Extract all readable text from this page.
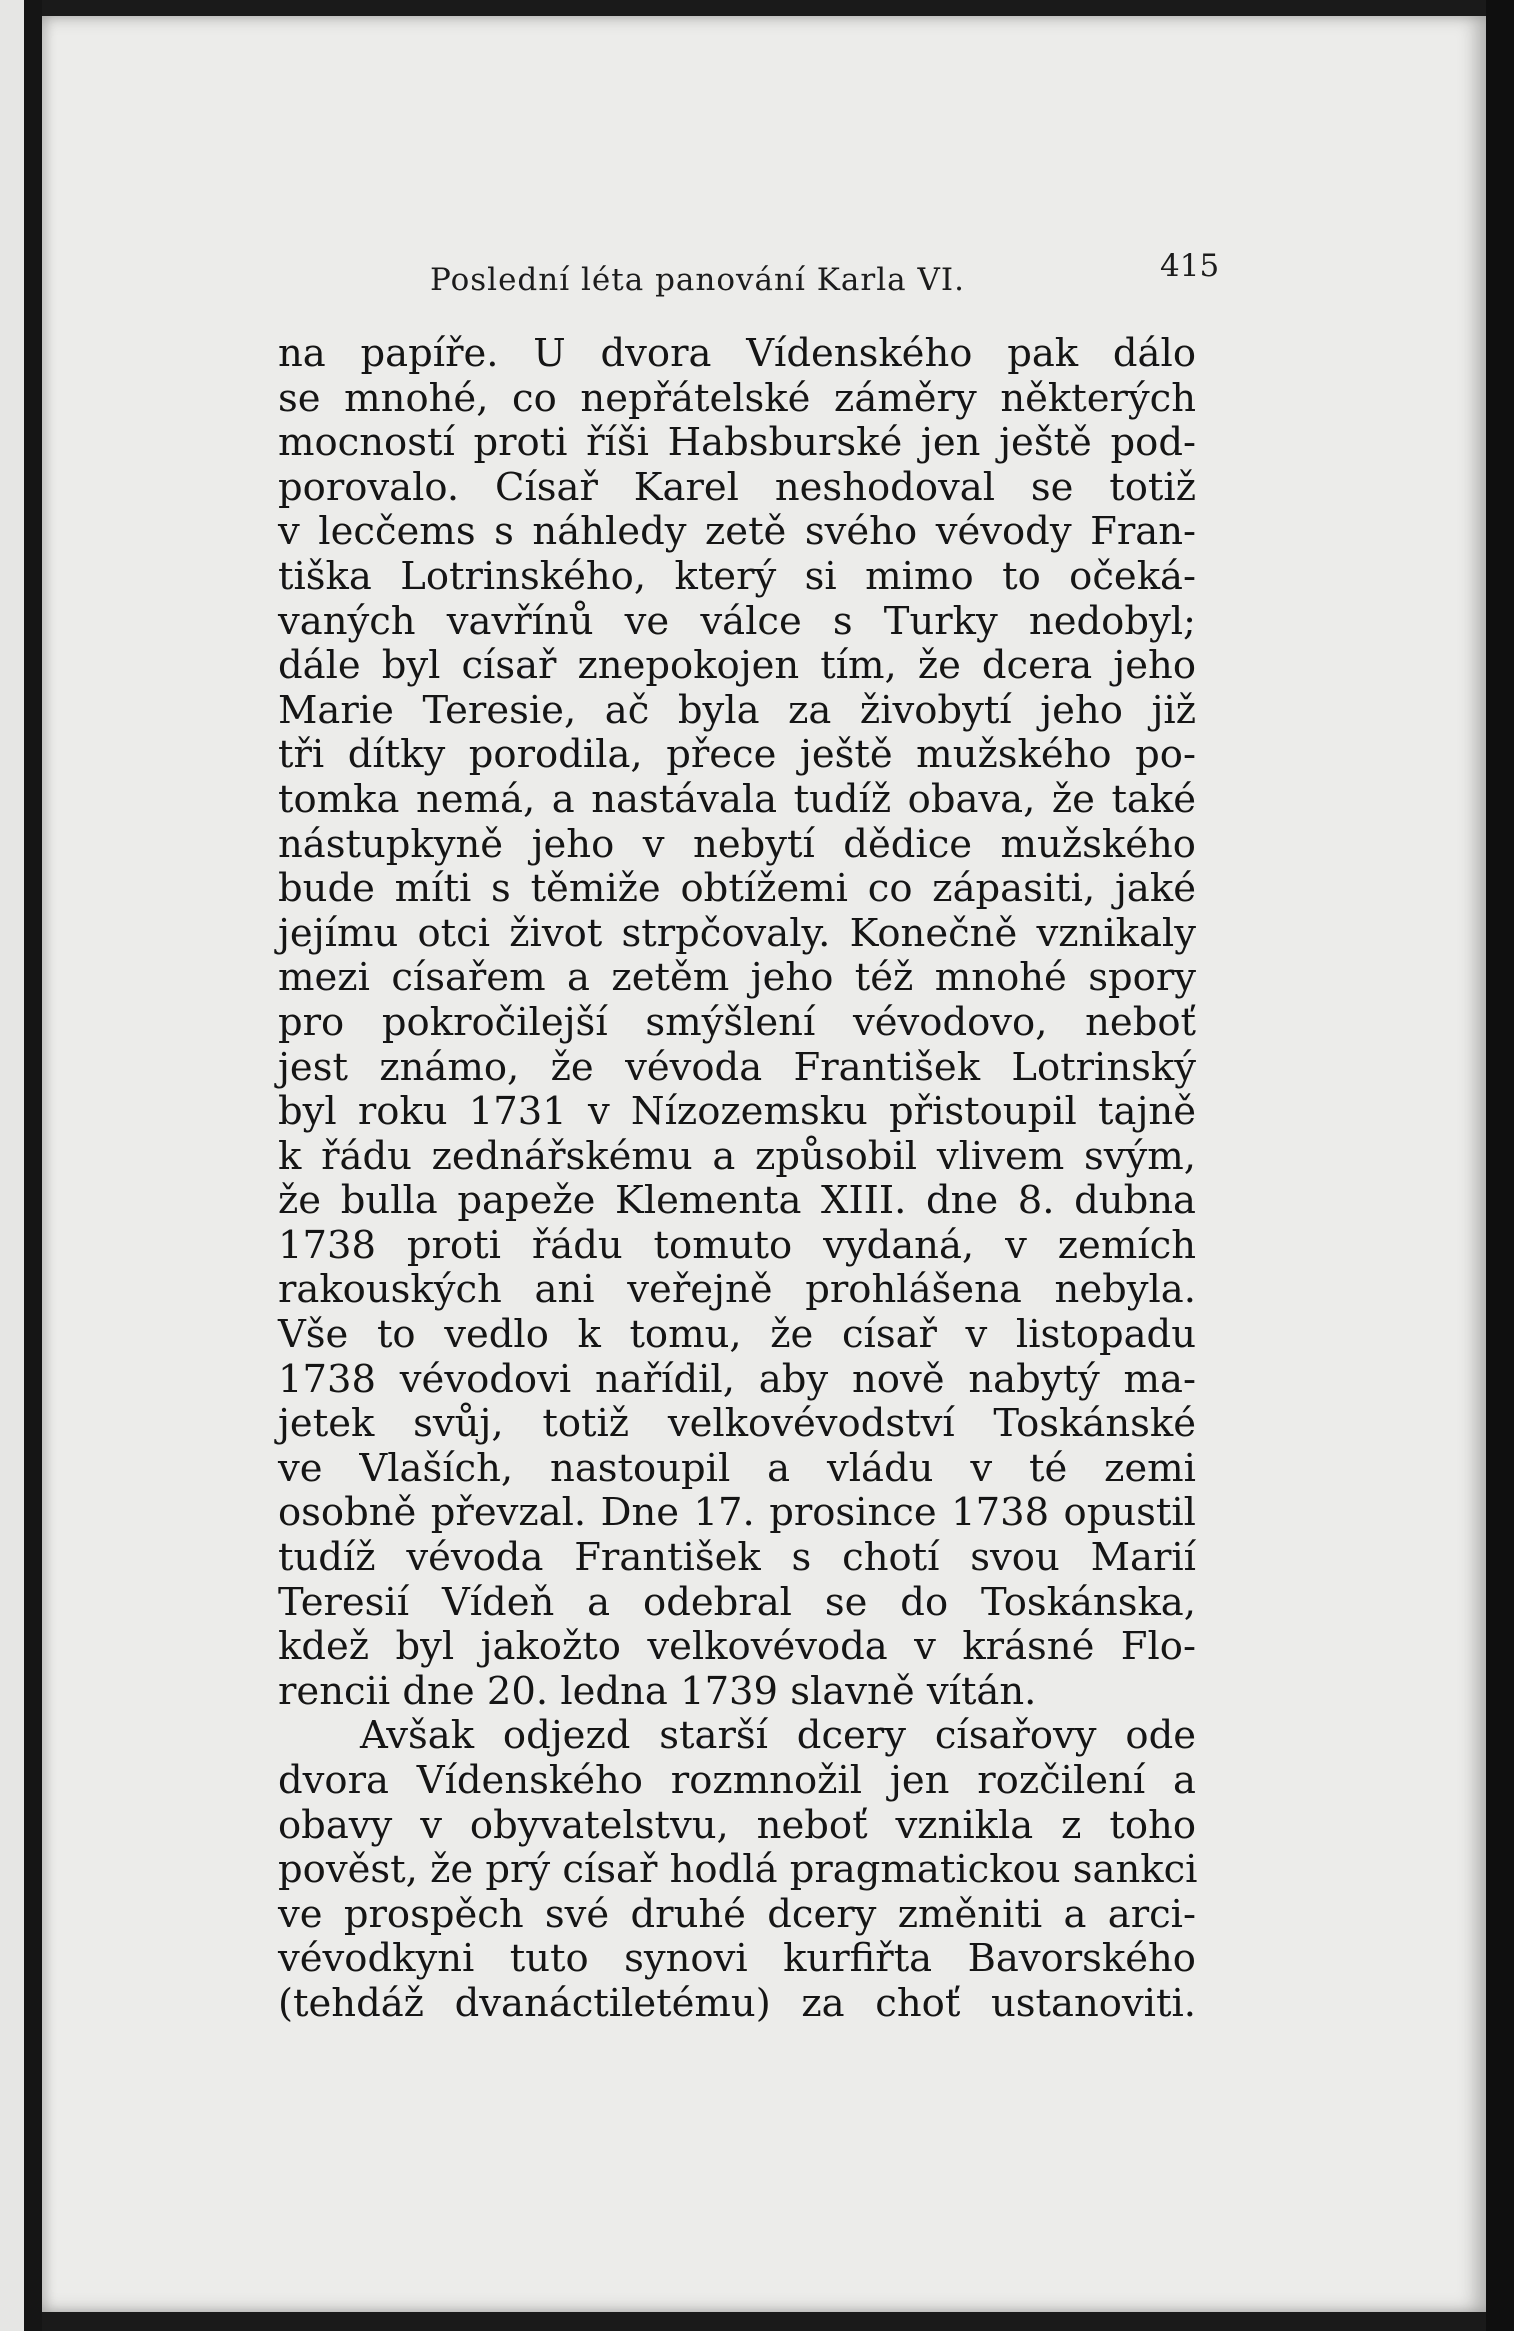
Poslední léta panování Karla VI.	415
na papíře. U dvora Vídenského pak dálo
se mnohé, co nepřátelské záměry některých
mocností proti říši Habsburské jen ještě pod-
porovalo. Císař Karel neshodoval se totiž
v lecčems s náhledy zetě svého vévody Fran-
tiška Lotrinského, který si mimo to očeká-
vaných vavřínů ve válce s Turky nedobyl;
dále byl císař znepokojen tím, že dcera jeho
Marie Teresie, ač byla za živobytí jeho již
tři dítky porodila, přece ještě mužského po-
tomka nemá, a nastávala tudíž obava, že také
nástupkyně jeho v nebytí dědice mužského
bude míti s těmiže obtížemi co zápasiti, jaké
jejímu otci život strpčovaly. Konečně vznikaly
mezi císařem a zetěm jeho též mnohé spory
pro pokročilejší smýšlení vévodovo, neboť
jest známo, že vévoda František Lotrinský
byl roku 1731 v Nízozemsku přistoupil tajně
k řádu zednářskému a způsobil vlivem svým,
že bulla papeže Klementa XIII. dne 8. dubna
1738 proti řádu tomuto vydaná, v zemích
rakouských ani veřejně prohlášena nebyla.
Vše to vedlo k tomu, že císař v listopadu
1738 vévodovi nařídil, aby nově nabytý ma-
jetek svůj, totiž velkovévodství Toskánské
ve Vlaších, nastoupil a vládu v té zemi
osobně převzal. Dne 17. prosince 1738 opustil
tudíž vévoda František s chotí svou Marií
Teresií Vídeň a odebral se do Toskánska,
kdež byl jakožto velkovévoda v krásné Flo-
rencii dne 20. ledna 1739 slavně vítán.
Avšak odjezd starší dcery císařovy ode
dvora Vídenského rozmnožil jen rozčilení a
obavy v obyvatelstvu, neboť vznikla z toho
pověst, že prý císař hodlá pragmatickou sankci
ve prospěch své druhé dcery změniti a arci-
vévodkyni tuto synovi kurfiřta Bavorského
(tehdáž dvanáctiletému) za choť ustanoviti.
